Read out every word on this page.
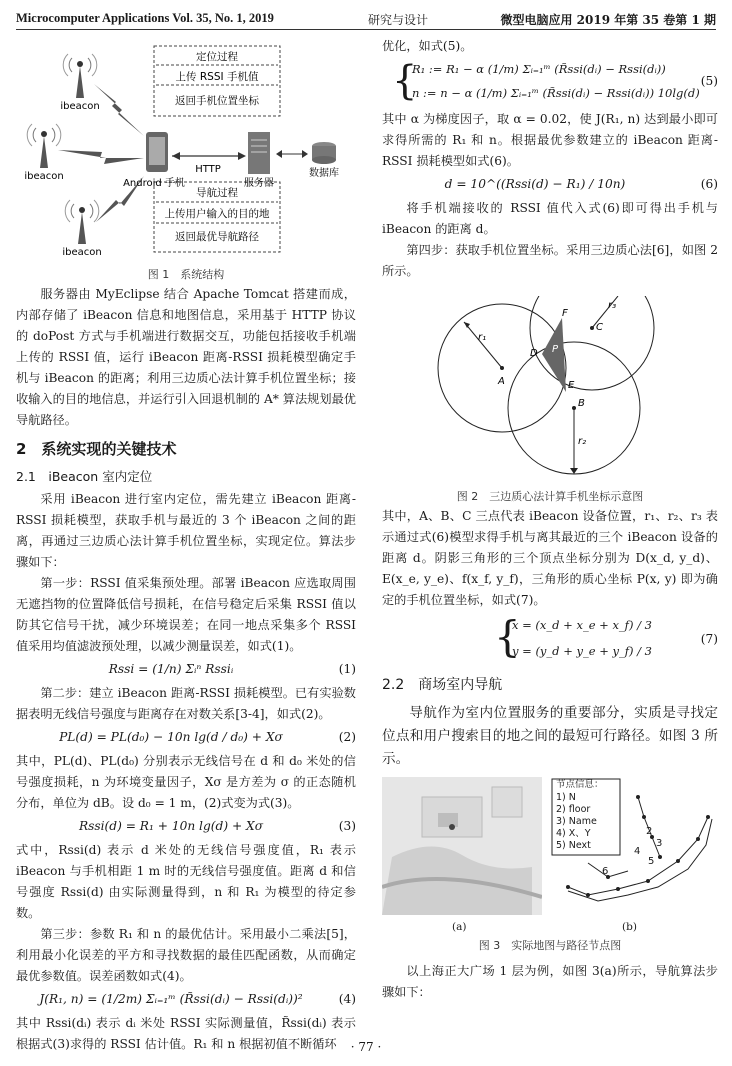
Microcomputer Applications Vol. 35, No. 1, 2019	研究与设计	微型电脑应用 2019 年第 35 卷第 1 期
定位过程
上传 RSSI 手机值
返回手机位置坐标
导航过程
上传用户输入的目的地
返回最优导航路径
ibeacon
ibeacon
ibeacon
Android 手机
HTTP
服务器
数据库
图 1　系统结构

服务器由 MyEclipse 结合 Apache Tomcat 搭建而成，内部存储了 iBeacon 信息和地图信息，采用基于 HTTP 协议的 doPost 方式与手机端进行数据交互，功能包括接收手机端上传的 RSSI 值，运行 iBeacon 距离-RSSI 损耗模型确定手机与 iBeacon 的距离；利用三边质心法计算手机位置坐标；接收输入的目的地信息，并运行引入回退机制的 A* 算法规划最优导航路径。

2　系统实现的关键技术
2.1　iBeacon 室内定位

采用 iBeacon 进行室内定位，需先建立 iBeacon 距离-RSSI 损耗模型，获取手机与最近的 3 个 iBeacon 之间的距离，再通过三边质心法计算手机位置坐标，实现定位。算法步骤如下：

第一步：RSSI 值采集预处理。部署 iBeacon 应选取周围无遮挡物的位置降低信号损耗，在信号稳定后采集 RSSI 值以防其它信号干扰，减少环境误差；在同一地点采集多个 RSSI 值采用均值滤波预处理，以减少测量误差，如式(1)。

Rssi = (1/n) Σᵢⁿ Rssiᵢ	(1)

第二步：建立 iBeacon 距离-RSSI 损耗模型。已有实验数据表明无线信号强度与距离存在对数关系[3-4]，如式(2)。

PL(d) = PL(d₀) − 10n lg(d / d₀) + Xσ	(2)

其中，PL(d)、PL(d₀) 分别表示无线信号在 d 和 d₀ 米处的信号强度损耗，n 为环境变量因子，Xσ 是方差为 σ 的正态随机分布，单位为 dB。设 d₀ = 1 m，(2)式变为式(3)。

Rssi(d) = R₁ + 10n lg(d) + Xσ	(3)

式中，Rssi(d) 表示 d 米处的无线信号强度值，R₁ 表示 iBeacon 与手机相距 1 m 时的无线信号强度值。距离 d 和信号强度 Rssi(d) 由实际测量得到，n 和 R₁ 为模型的待定参数。

第三步：参数 R₁ 和 n 的最优估计。采用最小二乘法[5]，利用最小化误差的平方和寻找数据的最佳匹配函数，从而确定最优参数值。误差函数如式(4)。

J(R₁, n) = (1/2m) Σᵢ₌₁ᵐ (R̃ssi(dᵢ) − Rssi(dᵢ))²	(4)

其中 Rssi(dᵢ) 表示 dᵢ 米处 RSSI 实际测量值，R̃ssi(dᵢ) 表示根据式(3)求得的 RSSI 估计值。R₁ 和 n 根据初值不断循环

优化，如式(5)。

{
R₁ := R₁ − α (1/m) Σᵢ₌₁ᵐ (R̃ssi(dᵢ) − Rssi(dᵢ))
n := n − α (1/m) Σᵢ₌₁ᵐ (R̃ssi(dᵢ) − Rssi(dᵢ)) 10lg(d)
(5)

其中 α 为梯度因子，取 α = 0.02，使 J(R₁, n) 达到最小即可求得所需的 R₁ 和 n。根据最优参数建立的 iBeacon 距离-RSSI 损耗模型如式(6)。

d = 10^((Rssi(d) − R₁) / 10n)	(6)

将手机端接收的 RSSI 值代入式(6)即可得出手机与 iBeacon 的距离 d。

第四步：获取手机位置坐标。采用三边质心法[6]，如图 2 所示。

A
B
C
D
E
F
P
r₁
r₂
r₃
图 2　三边质心法计算手机坐标示意图

其中，A、B、C 三点代表 iBeacon 设备位置，r₁、r₂、r₃ 表示通过式(6)模型求得手机与离其最近的三个 iBeacon 设备的距离 d。阴影三角形的三个顶点坐标分别为 D(x_d, y_d)、E(x_e, y_e)、f(x_f, y_f)，三角形的质心坐标 P(x, y) 即为确定的手机位置坐标，如式(7)。

{
x = (x_d + x_e + x_f) / 3
y = (y_d + y_e + y_f) / 3
(7)
2.2　商场室内导航

导航作为室内位置服务的重要部分，实质是寻找定位点和用户搜索目的地之间的最短可行路径。如图 3 所示。

节点信息：
1) N
2) floor
3) Name
4) X、Y
5) Next
2
3
4
5
6
(a)	(b)
图 3　实际地图与路径节点图

以上海正大广场 1 层为例，如图 3(a)所示，导航算法步骤如下：

· 77 ·
